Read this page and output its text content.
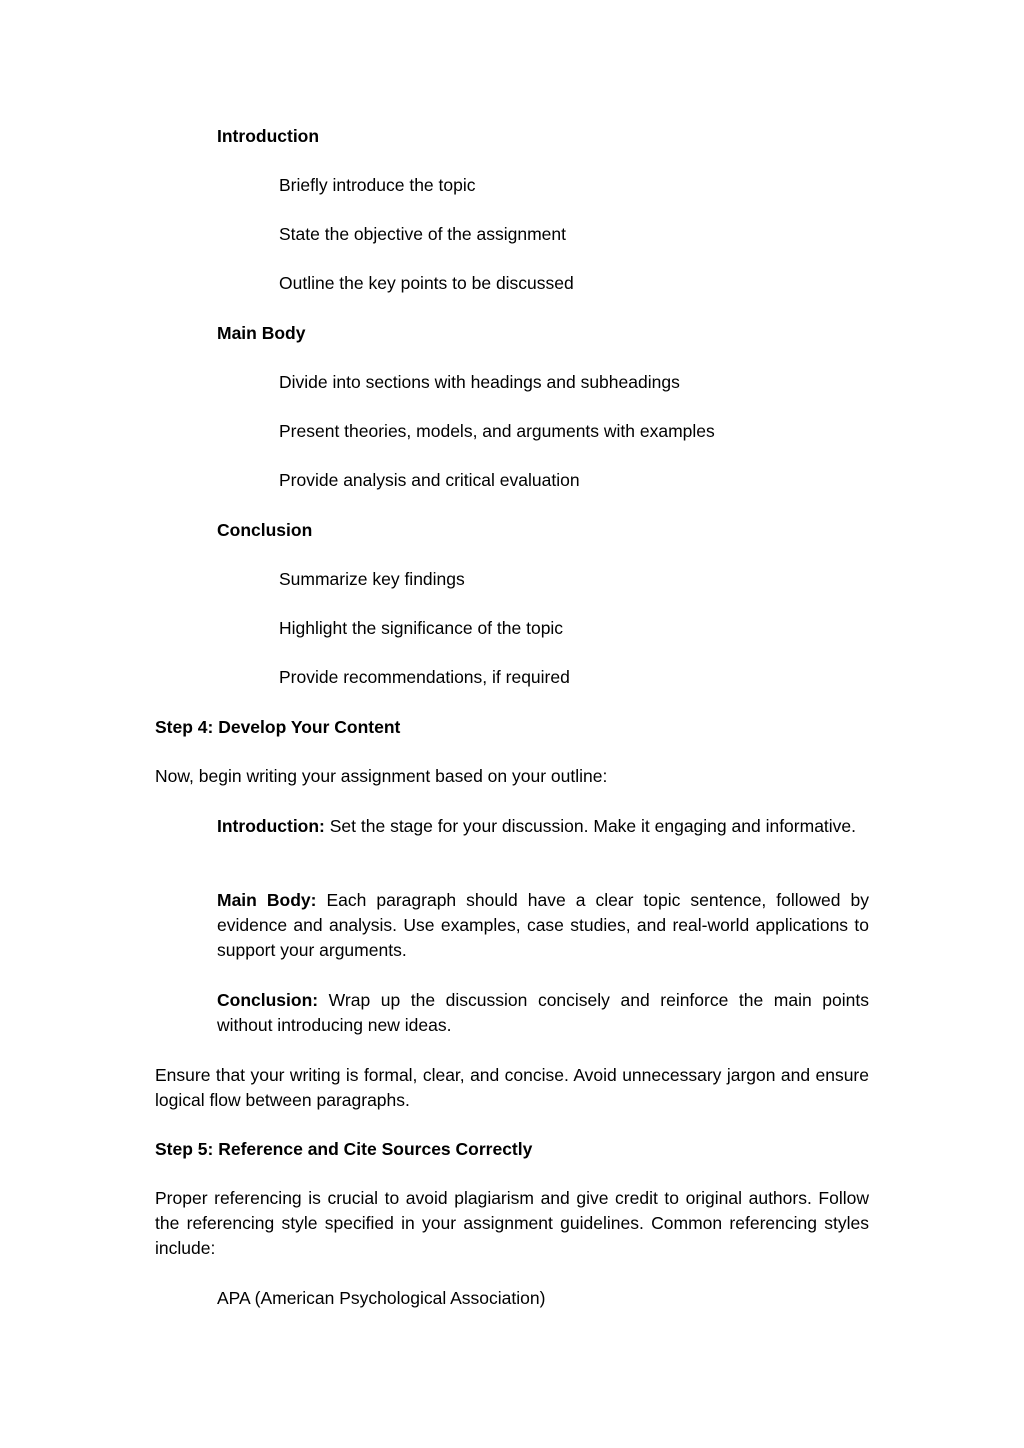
Introduction

Briefly introduce the topic

State the objective of the assignment

Outline the key points to be discussed

Main Body

Divide into sections with headings and subheadings

Present theories, models, and arguments with examples

Provide analysis and critical evaluation

Conclusion

Summarize key findings

Highlight the significance of the topic

Provide recommendations, if required

Step 4: Develop Your Content

Now, begin writing your assignment based on your outline:

Introduction: Set the stage for your discussion. Make it engaging and informative.

Main Body: Each paragraph should have a clear topic sentence, followed by evidence and analysis. Use examples, case studies, and real-world applications to support your arguments.

Conclusion: Wrap up the discussion concisely and reinforce the main points without introducing new ideas.

Ensure that your writing is formal, clear, and concise. Avoid unnecessary jargon and ensure logical flow between paragraphs.

Step 5: Reference and Cite Sources Correctly

Proper referencing is crucial to avoid plagiarism and give credit to original authors. Follow the referencing style specified in your assignment guidelines. Common referencing styles include:

APA (American Psychological Association)
